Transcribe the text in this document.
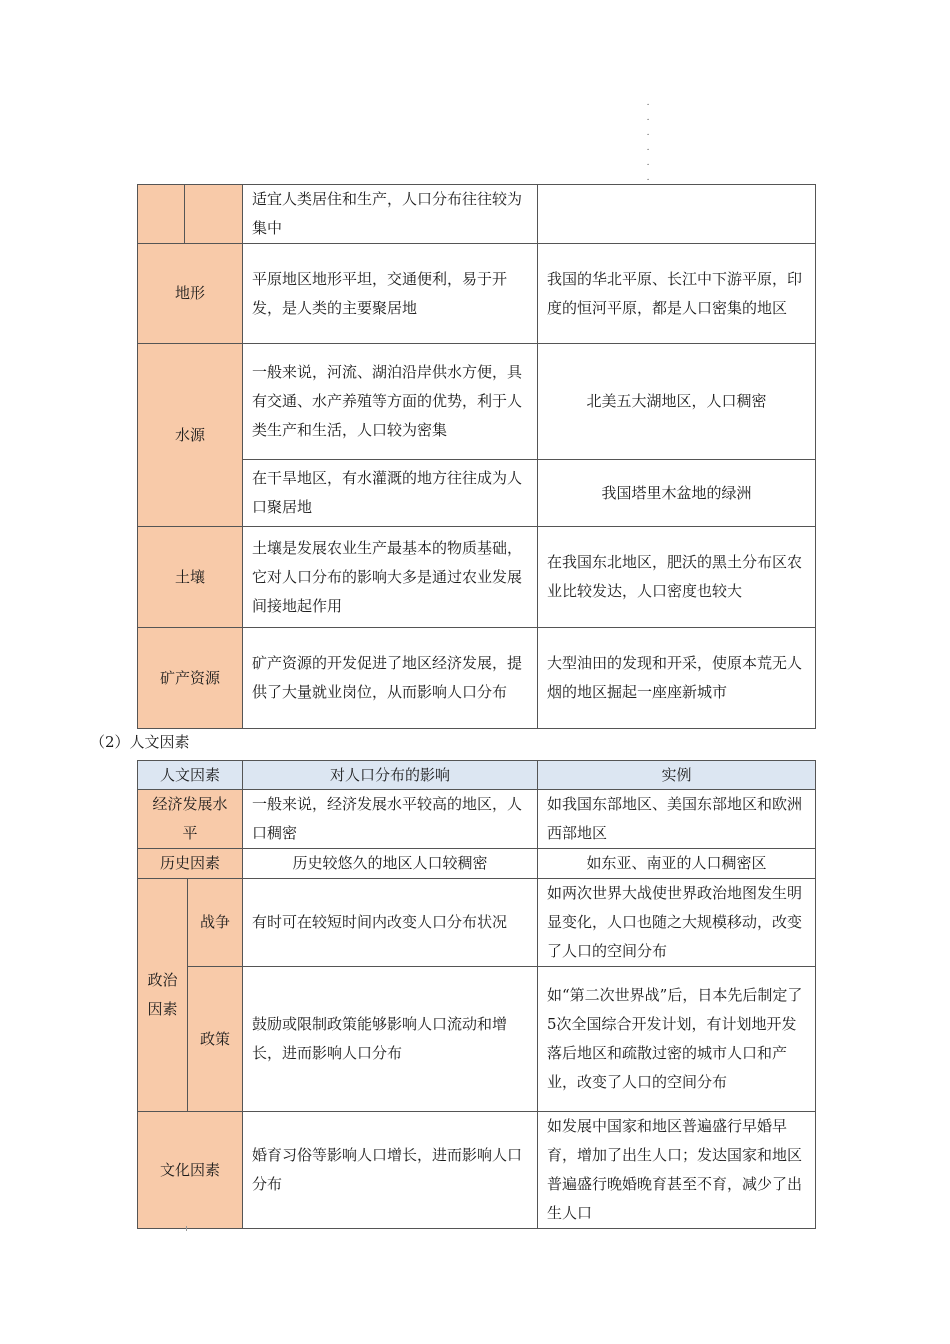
.
.
.
.
.
.
		适宜人类居住和生产，人口分布往往较为集中	
地形		平原地区地形平坦，交通便利，易于开发，是人类的主要聚居地	我国的华北平原、长江中下游平原，印度的恒河平原，都是人口密集的地区
水源		一般来说，河流、湖泊沿岸供水方便，具有交通、水产养殖等方面的优势，利于人类生产和生活，人口较为密集	北美五大湖地区，人口稠密
		在干旱地区，有水灌溉的地方往往成为人口聚居地	我国塔里木盆地的绿洲
土壤		土壤是发展农业生产最基本的物质基础，它对人口分布的影响大多是通过农业发展间接地起作用	在我国东北地区，肥沃的黑土分布区农业比较发达，人口密度也较大
矿产资源		矿产资源的开发促进了地区经济发展，提供了大量就业岗位，从而影响人口分布	大型油田的发现和开采，使原本荒无人烟的地区掘起一座座新城市
（2）人文因素
人文因素		对人口分布的影响	实例
经济发展水平		一般来说，经济发展水平较高的地区，人口稠密	如我国东部地区、美国东部地区和欧洲西部地区
历史因素		历史较悠久的地区人口较稠密	如东亚、南亚的人口稠密区
政治因素	战争	有时可在较短时间内改变人口分布状况	如两次世界大战使世界政治地图发生明显变化，人口也随之大规模移动，改变了人口的空间分布
	政策	鼓励或限制政策能够影响人口流动和增长，进而影响人口分布	如“第二次世界战”后，日本先后制定了5次全国综合开发计划，有计划地开发落后地区和疏散过密的城市人口和产业，改变了人口的空间分布
文化因素		婚育习俗等影响人口增长，进而影响人口分布	如发展中国家和地区普遍盛行早婚早育，增加了出生人口；发达国家和地区普遍盛行晚婚晚育甚至不育，减少了出生人口
